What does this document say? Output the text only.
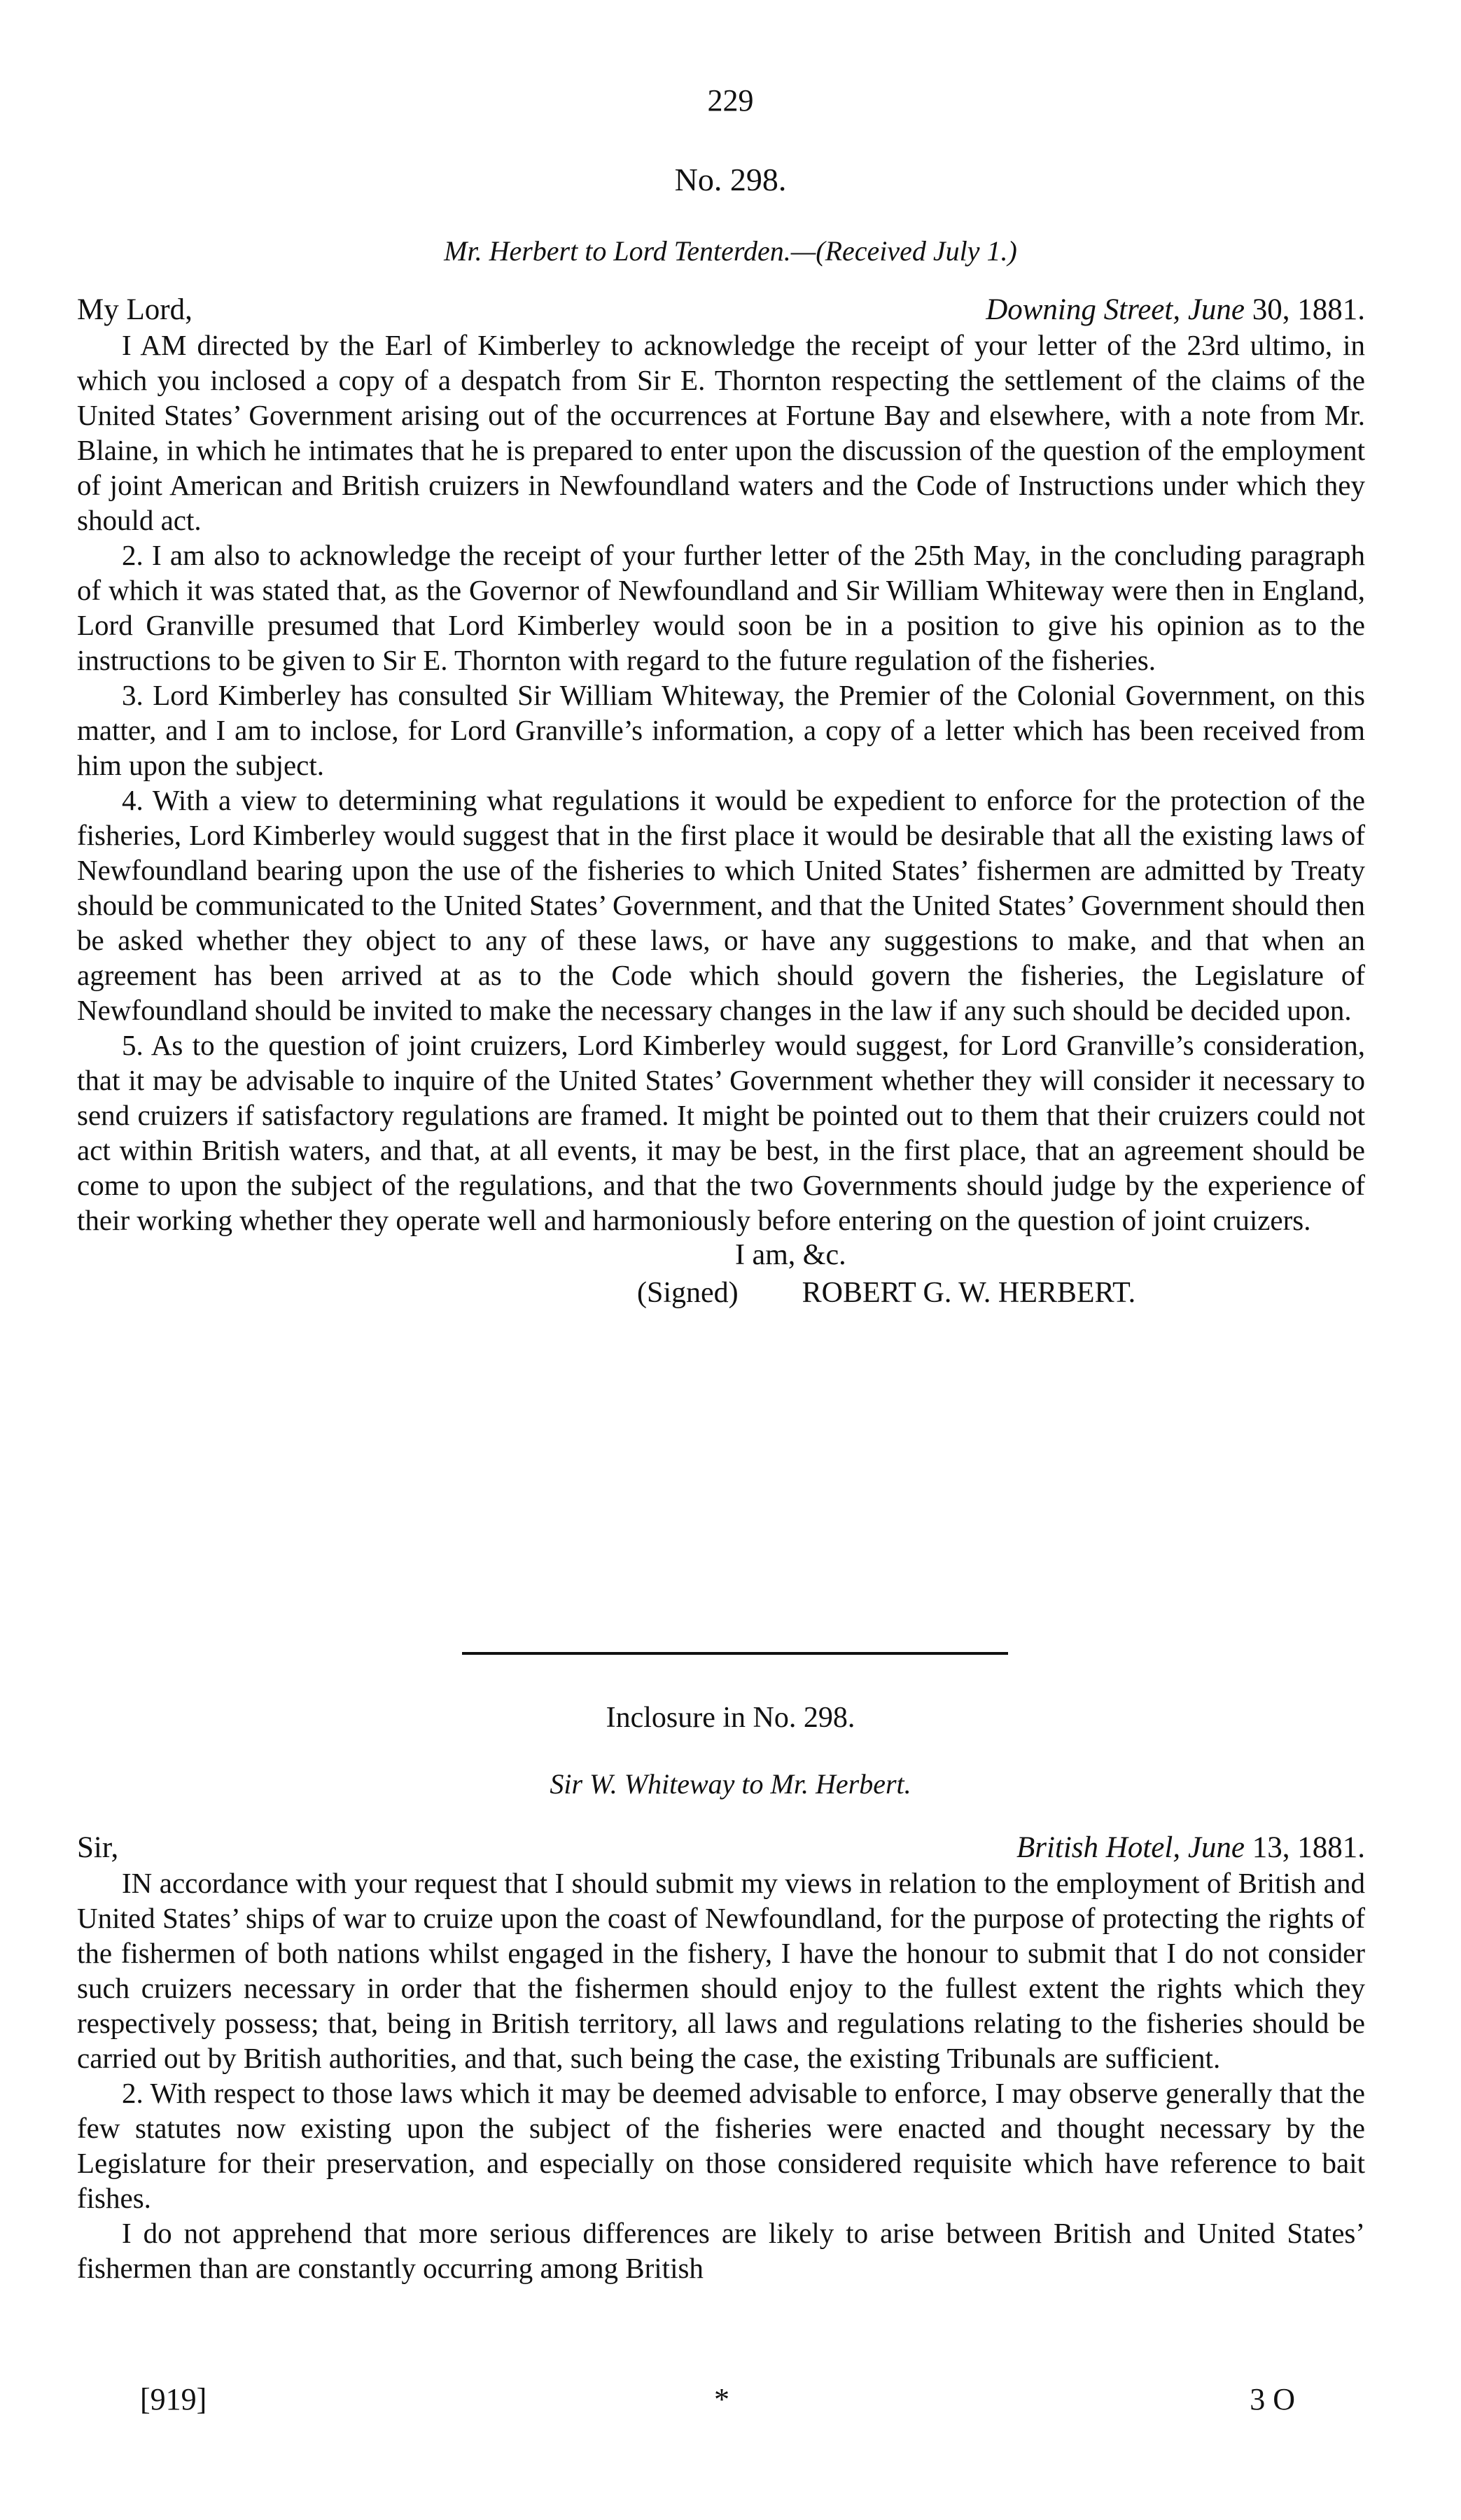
229
No. 298.
Mr. Herbert to Lord Tenterden.—(Received July 1.)
My Lord,	Downing Street, June 30, 1881.

I AM directed by the Earl of Kimberley to acknowledge the receipt of your letter of the 23rd ultimo, in which you inclosed a copy of a despatch from Sir E. Thornton respecting the settlement of the claims of the United States’ Government arising out of the occurrences at Fortune Bay and elsewhere, with a note from Mr. Blaine, in which he intimates that he is prepared to enter upon the discussion of the question of the employment of joint American and British cruizers in Newfoundland waters and the Code of Instructions under which they should act.

2. I am also to acknowledge the receipt of your further letter of the 25th May, in the concluding paragraph of which it was stated that, as the Governor of Newfoundland and Sir William Whiteway were then in England, Lord Granville presumed that Lord Kimberley would soon be in a position to give his opinion as to the instructions to be given to Sir E. Thornton with regard to the future regulation of the fisheries.

3. Lord Kimberley has consulted Sir William Whiteway, the Premier of the Colonial Government, on this matter, and I am to inclose, for Lord Granville’s information, a copy of a letter which has been received from him upon the subject.

4. With a view to determining what regulations it would be expedient to enforce for the protection of the fisheries, Lord Kimberley would suggest that in the first place it would be desirable that all the existing laws of Newfoundland bearing upon the use of the fisheries to which United States’ fishermen are admitted by Treaty should be communicated to the United States’ Government, and that the United States’ Government should then be asked whether they object to any of these laws, or have any suggestions to make, and that when an agreement has been arrived at as to the Code which should govern the fisheries, the Legislature of Newfoundland should be invited to make the necessary changes in the law if any such should be decided upon.

5. As to the question of joint cruizers, Lord Kimberley would suggest, for Lord Granville’s consideration, that it may be advisable to inquire of the United States’ Government whether they will consider it necessary to send cruizers if satisfactory regulations are framed. It might be pointed out to them that their cruizers could not act within British waters, and that, at all events, it may be best, in the first place, that an agreement should be come to upon the subject of the regulations, and that the two Governments should judge by the experience of their working whether they operate well and harmoniously before entering on the question of joint cruizers.

I am, &c.
(Signed) ROBERT G. W. HERBERT.
Inclosure in No. 298.
Sir W. Whiteway to Mr. Herbert.
Sir,	British Hotel, June 13, 1881.

IN accordance with your request that I should submit my views in relation to the employment of British and United States’ ships of war to cruize upon the coast of Newfoundland, for the purpose of protecting the rights of the fishermen of both nations whilst engaged in the fishery, I have the honour to submit that I do not consider such cruizers necessary in order that the fishermen should enjoy to the fullest extent the rights which they respectively possess; that, being in British territory, all laws and regulations relating to the fisheries should be carried out by British authorities, and that, such being the case, the existing Tribunals are sufficient.

2. With respect to those laws which it may be deemed advisable to enforce, I may observe generally that the few statutes now existing upon the subject of the fisheries were enacted and thought necessary by the Legislature for their preservation, and especially on those considered requisite which have reference to bait fishes.

I do not apprehend that more serious differences are likely to arise between British and United States’ fishermen than are constantly occurring among British

[919]	*	3 O
